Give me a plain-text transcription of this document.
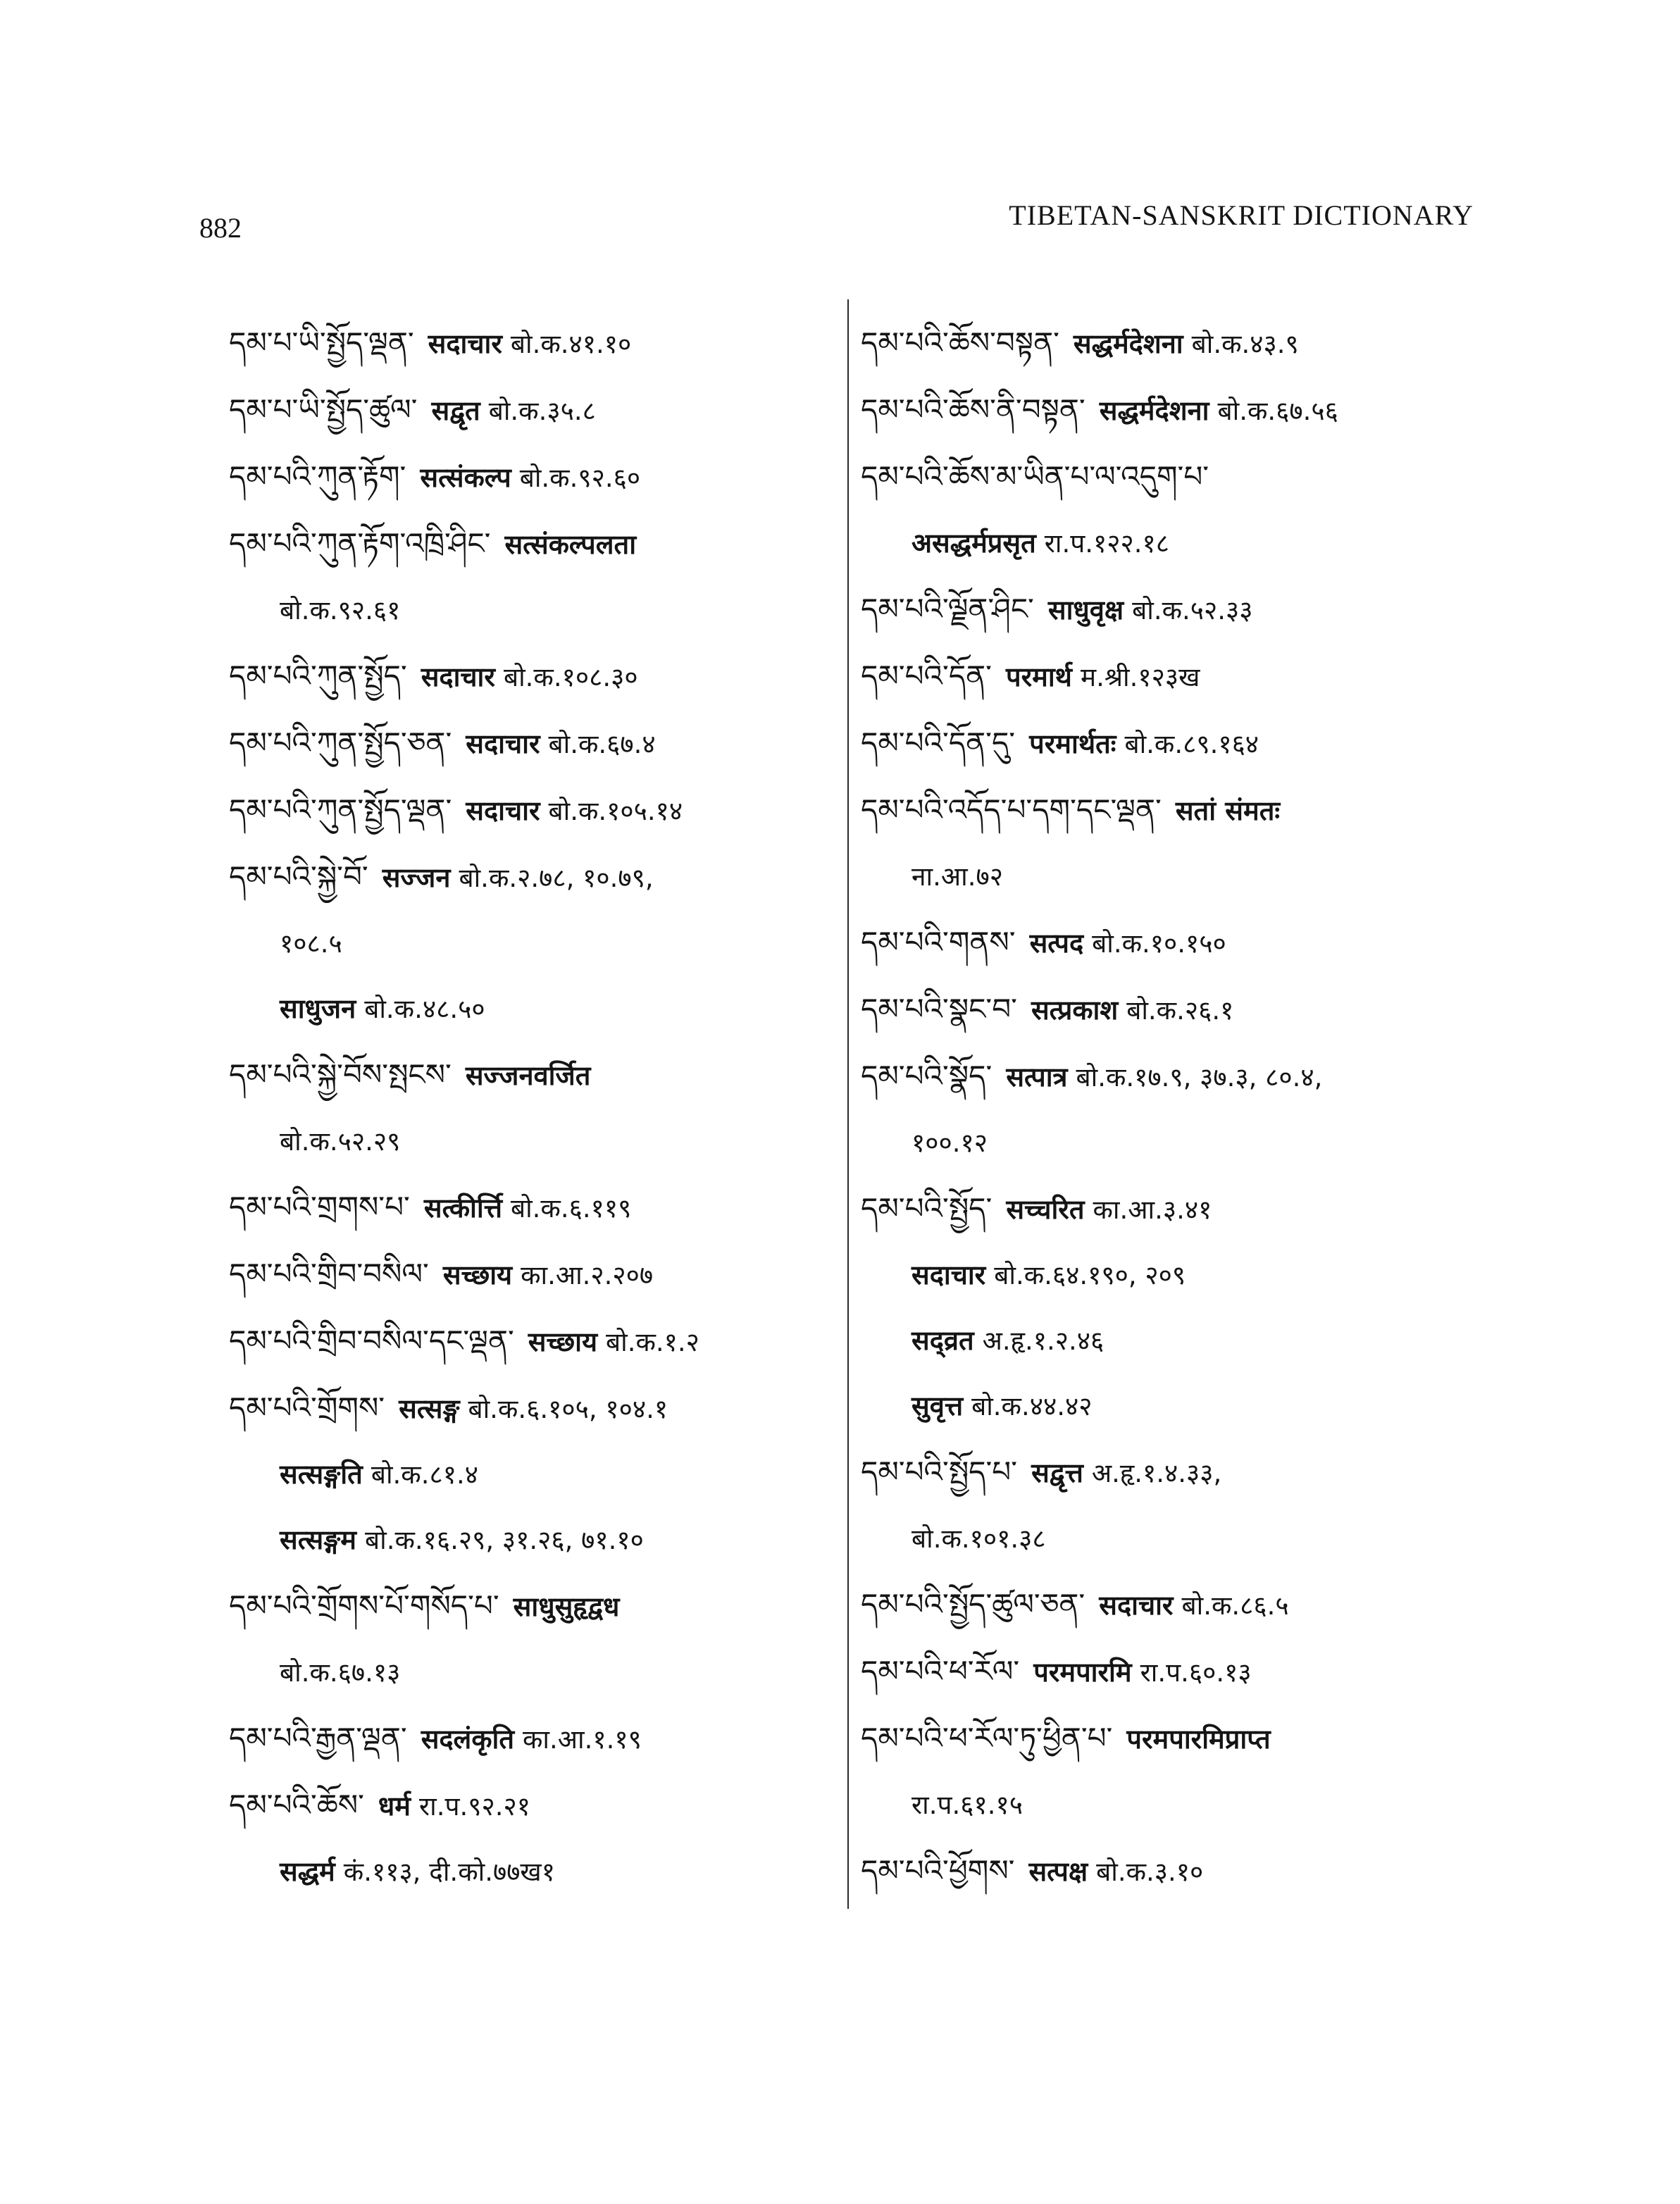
882	TIBETAN-SANSKRIT DICTIONARY

དམ་པ་ཡི་སྤྱོད་ལྡན་ सदाचार बो.क.४१.१०

དམ་པ་ཡི་སྤྱོད་ཚུལ་ सद्वृत बो.क.३५.८

དམ་པའི་ཀུན་རྟོག་ सत्संकल्प बो.क.९२.६०

དམ་པའི་ཀུན་རྟོག་འཁྲི་ཤིང་ सत्संकल्पलता

बो.क.९२.६१

དམ་པའི་ཀུན་སྤྱོད་ सदाचार बो.क.१०८.३०

དམ་པའི་ཀུན་སྤྱོད་ཅན་ सदाचार बो.क.६७.४

དམ་པའི་ཀུན་སྤྱོད་ལྡན་ सदाचार बो.क.१०५.१४

དམ་པའི་སྐྱེ་བོ་ सज्जन बो.क.२.७८, १०.७९,

१०८.५

साधुजन बो.क.४८.५०

དམ་པའི་སྐྱེ་བོས་སྤངས་ सज्जनवर्जित

बो.क.५२.२९

དམ་པའི་གྲགས་པ་ सत्कीर्त्ति बो.क.६.११९

དམ་པའི་གྲིབ་བསིལ་ सच्छाय का.आ.२.२०७

དམ་པའི་གྲིབ་བསིལ་དང་ལྡན་ सच्छाय बो.क.१.२

དམ་པའི་གྲོགས་ सत्सङ्ग बो.क.६.१०५, १०४.१

सत्सङ्गति बो.क.८१.४

सत्सङ्गम बो.क.१६.२९, ३१.२६, ७१.१०

དམ་པའི་གྲོགས་པོ་གསོད་པ་ साधुसुहृद्वध

बो.क.६७.१३

དམ་པའི་རྒྱན་ལྡན་ सदलंकृति का.आ.१.१९

དམ་པའི་ཆོས་ धर्म रा.प.९२.२१

सद्धर्म कं.११३, दी.को.७७ख१

དམ་པའི་ཆོས་བསྟན་ सद्धर्मदेशना बो.क.४३.९

དམ་པའི་ཆོས་ནི་བསྟན་ सद्धर्मदेशना बो.क.६७.५६

དམ་པའི་ཆོས་མ་ཡིན་པ་ལ་འདུག་པ་

असद्धर्मप्रसृत रा.प.१२२.१८

དམ་པའི་ལྗོན་ཤིང་ साधुवृक्ष बो.क.५२.३३

དམ་པའི་དོན་ परमार्थ म.श्री.१२३ख

དམ་པའི་དོན་དུ་ परमार्थतः बो.क.८९.१६४

དམ་པའི་འདོད་པ་དག་དང་ལྡན་ सतां संमतः

ना.आ.७२

དམ་པའི་གནས་ सत्पद बो.क.१०.१५०

དམ་པའི་སྣང་བ་ सत्प्रकाश बो.क.२६.१

དམ་པའི་སྣོད་ सत्पात्र बो.क.१७.९, ३७.३, ८०.४,

१००.१२

དམ་པའི་སྤྱོད་ सच्चरित का.आ.३.४१

सदाचार बो.क.६४.१९०, २०९

सद्व्रत अ.हृ.१.२.४६

सुवृत्त बो.क.४४.४२

དམ་པའི་སྤྱོད་པ་ सद्वृत्त अ.हृ.१.४.३३,

बो.क.१०१.३८

དམ་པའི་སྤྱོད་ཚུལ་ཅན་ सदाचार बो.क.८६.५

དམ་པའི་ཕ་རོལ་ परमपारमि रा.प.६०.१३

དམ་པའི་ཕ་རོལ་ཏུ་ཕྱིན་པ་ परमपारमिप्राप्त

रा.प.६१.१५

དམ་པའི་ཕྱོགས་ सत्पक्ष बो.क.३.१०
